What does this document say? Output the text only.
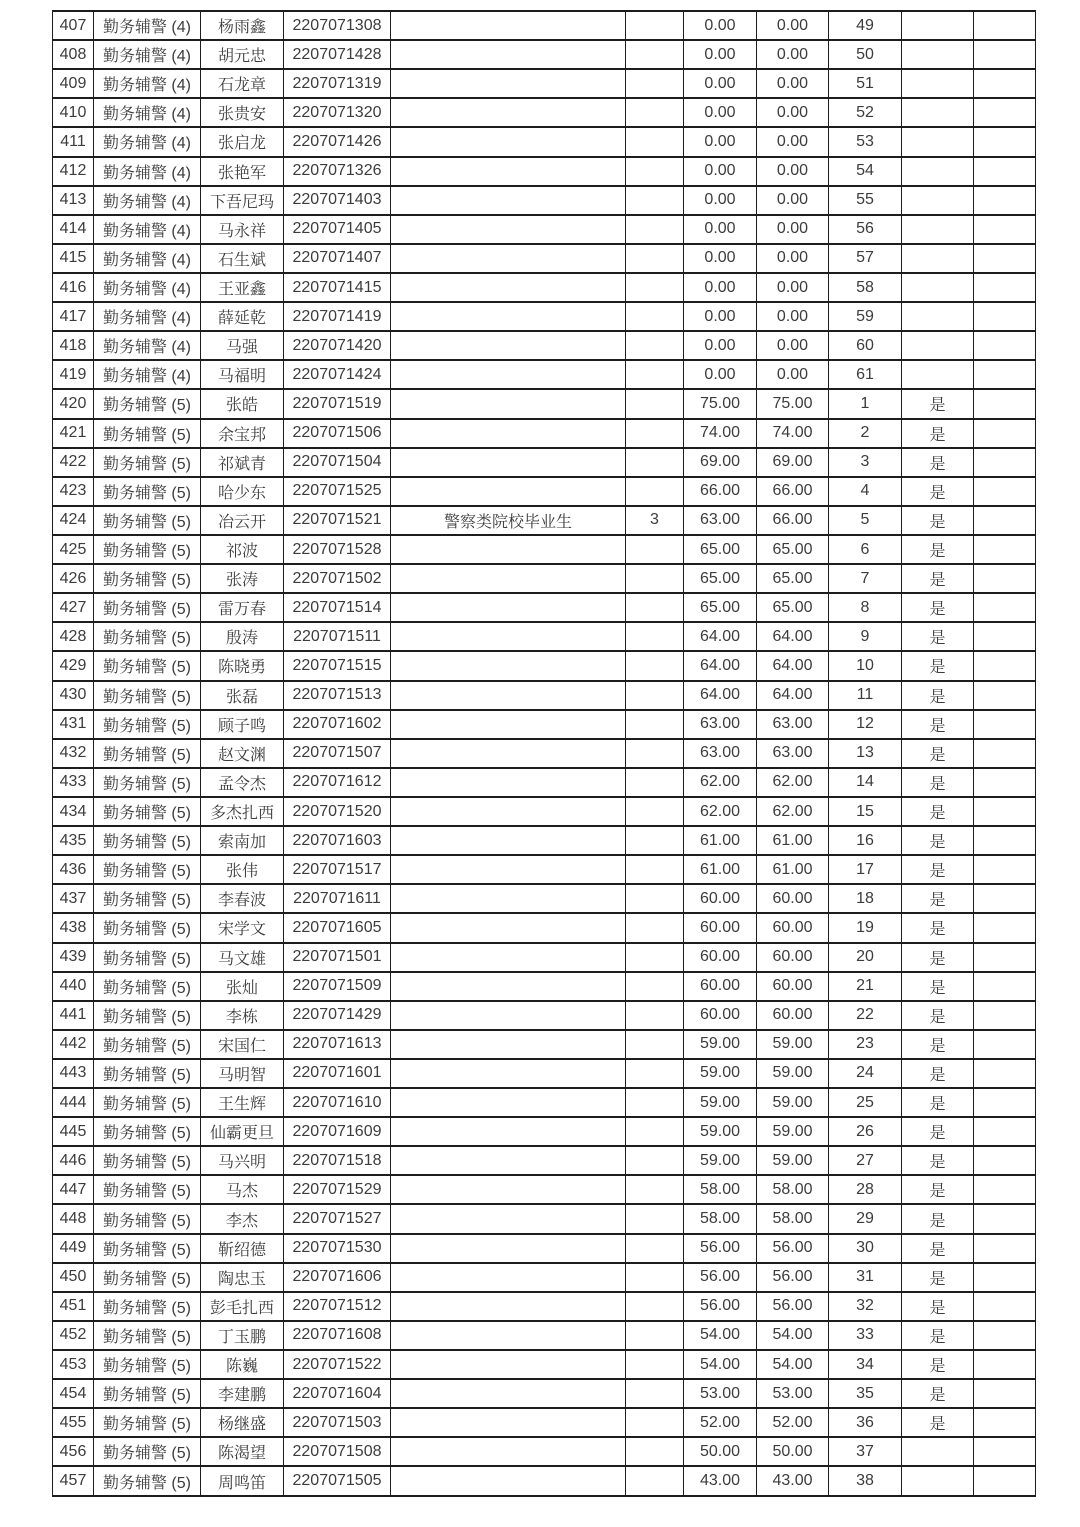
407	勤务辅警 (4)	杨雨鑫	2207071308			0.00	0.00	49		
408	勤务辅警 (4)	胡元忠	2207071428			0.00	0.00	50		
409	勤务辅警 (4)	石龙章	2207071319			0.00	0.00	51		
410	勤务辅警 (4)	张贵安	2207071320			0.00	0.00	52		
411	勤务辅警 (4)	张启龙	2207071426			0.00	0.00	53		
412	勤务辅警 (4)	张艳军	2207071326			0.00	0.00	54		
413	勤务辅警 (4)	下吾尼玛	2207071403			0.00	0.00	55		
414	勤务辅警 (4)	马永祥	2207071405			0.00	0.00	56		
415	勤务辅警 (4)	石生斌	2207071407			0.00	0.00	57		
416	勤务辅警 (4)	王亚鑫	2207071415			0.00	0.00	58		
417	勤务辅警 (4)	薛延乾	2207071419			0.00	0.00	59		
418	勤务辅警 (4)	马强	2207071420			0.00	0.00	60		
419	勤务辅警 (4)	马福明	2207071424			0.00	0.00	61		
420	勤务辅警 (5)	张皓	2207071519			75.00	75.00	1	是	
421	勤务辅警 (5)	余宝邦	2207071506			74.00	74.00	2	是	
422	勤务辅警 (5)	祁斌青	2207071504			69.00	69.00	3	是	
423	勤务辅警 (5)	哈少东	2207071525			66.00	66.00	4	是	
424	勤务辅警 (5)	冶云开	2207071521	警察类院校毕业生	3	63.00	66.00	5	是	
425	勤务辅警 (5)	祁波	2207071528			65.00	65.00	6	是	
426	勤务辅警 (5)	张涛	2207071502			65.00	65.00	7	是	
427	勤务辅警 (5)	雷万春	2207071514			65.00	65.00	8	是	
428	勤务辅警 (5)	殷涛	2207071511			64.00	64.00	9	是	
429	勤务辅警 (5)	陈晓勇	2207071515			64.00	64.00	10	是	
430	勤务辅警 (5)	张磊	2207071513			64.00	64.00	11	是	
431	勤务辅警 (5)	顾子鸣	2207071602			63.00	63.00	12	是	
432	勤务辅警 (5)	赵文渊	2207071507			63.00	63.00	13	是	
433	勤务辅警 (5)	孟令杰	2207071612			62.00	62.00	14	是	
434	勤务辅警 (5)	多杰扎西	2207071520			62.00	62.00	15	是	
435	勤务辅警 (5)	索南加	2207071603			61.00	61.00	16	是	
436	勤务辅警 (5)	张伟	2207071517			61.00	61.00	17	是	
437	勤务辅警 (5)	李春波	2207071611			60.00	60.00	18	是	
438	勤务辅警 (5)	宋学文	2207071605			60.00	60.00	19	是	
439	勤务辅警 (5)	马文雄	2207071501			60.00	60.00	20	是	
440	勤务辅警 (5)	张灿	2207071509			60.00	60.00	21	是	
441	勤务辅警 (5)	李栋	2207071429			60.00	60.00	22	是	
442	勤务辅警 (5)	宋国仁	2207071613			59.00	59.00	23	是	
443	勤务辅警 (5)	马明智	2207071601			59.00	59.00	24	是	
444	勤务辅警 (5)	王生辉	2207071610			59.00	59.00	25	是	
445	勤务辅警 (5)	仙霸更旦	2207071609			59.00	59.00	26	是	
446	勤务辅警 (5)	马兴明	2207071518			59.00	59.00	27	是	
447	勤务辅警 (5)	马杰	2207071529			58.00	58.00	28	是	
448	勤务辅警 (5)	李杰	2207071527			58.00	58.00	29	是	
449	勤务辅警 (5)	靳绍德	2207071530			56.00	56.00	30	是	
450	勤务辅警 (5)	陶忠玉	2207071606			56.00	56.00	31	是	
451	勤务辅警 (5)	彭毛扎西	2207071512			56.00	56.00	32	是	
452	勤务辅警 (5)	丁玉鹏	2207071608			54.00	54.00	33	是	
453	勤务辅警 (5)	陈巍	2207071522			54.00	54.00	34	是	
454	勤务辅警 (5)	李建鹏	2207071604			53.00	53.00	35	是	
455	勤务辅警 (5)	杨继盛	2207071503			52.00	52.00	36	是	
456	勤务辅警 (5)	陈渴望	2207071508			50.00	50.00	37		
457	勤务辅警 (5)	周鸣笛	2207071505			43.00	43.00	38		
